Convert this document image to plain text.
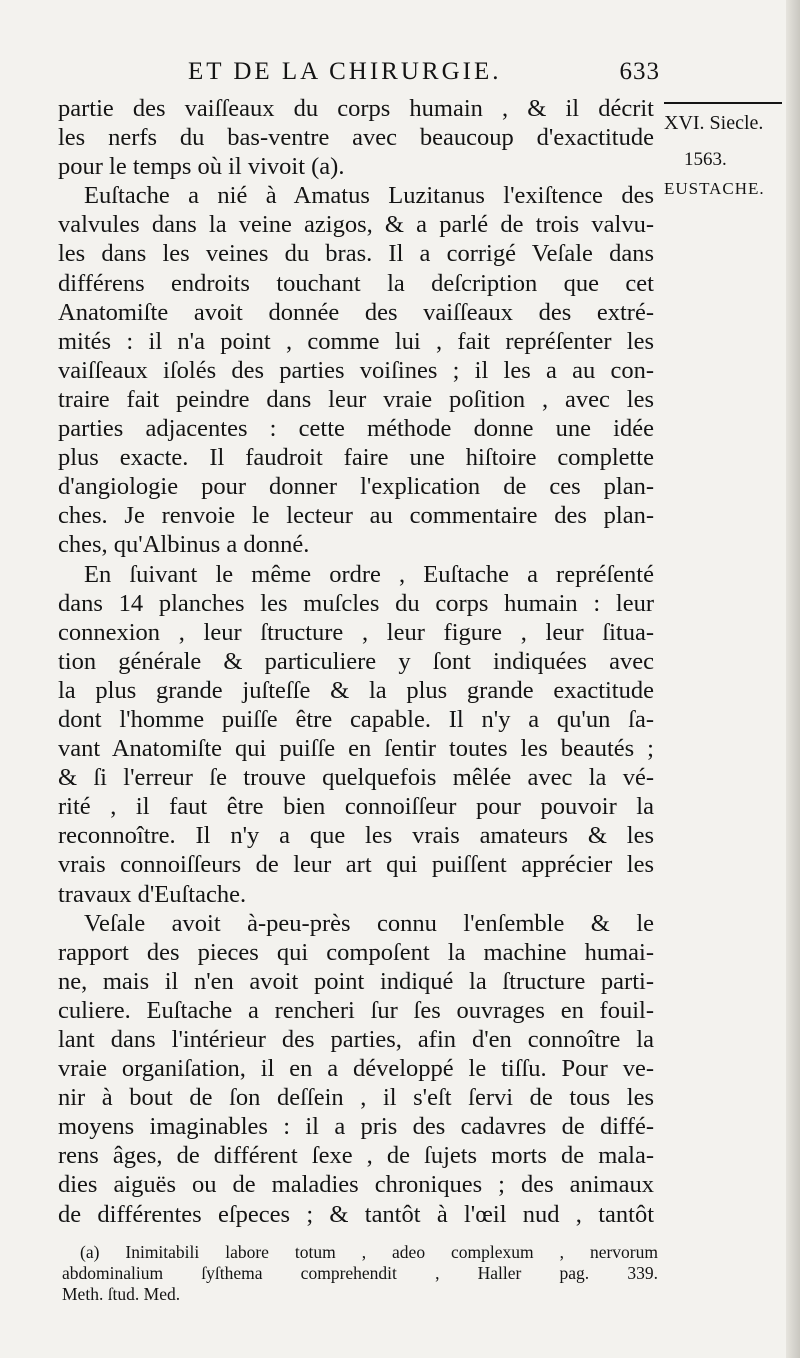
ET DE LA CHIRURGIE.	633
partie des vaiſſeaux du corps humain , & il décrit
les nerfs du bas-ventre avec beaucoup d'exactitude
pour le temps où il vivoit (a).
Euſtache a nié à Amatus Luzitanus l'exiſtence des
valvules dans la veine azigos, & a parlé de trois valvu-
les dans les veines du bras. Il a corrigé Veſale dans
différens endroits touchant la deſcription que cet
Anatomiſte avoit donnée des vaiſſeaux des extré-
mités : il n'a point , comme lui , fait repréſenter les
vaiſſeaux iſolés des parties voiſines ; il les a au con-
traire fait peindre dans leur vraie poſition , avec les
parties adjacentes : cette méthode donne une idée
plus exacte. Il faudroit faire une hiſtoire complette
d'angiologie pour donner l'explication de ces plan-
ches. Je renvoie le lecteur au commentaire des plan-
ches, qu'Albinus a donné.
En ſuivant le même ordre , Euſtache a repréſenté
dans 14 planches les muſcles du corps humain : leur
connexion , leur ſtructure , leur figure , leur ſitua-
tion générale & particuliere y ſont indiquées avec
la plus grande juſteſſe & la plus grande exactitude
dont l'homme puiſſe être capable. Il n'y a qu'un ſa-
vant Anatomiſte qui puiſſe en ſentir toutes les beautés ;
& ſi l'erreur ſe trouve quelquefois mêlée avec la vé-
rité , il faut être bien connoiſſeur pour pouvoir la
reconnoître. Il n'y a que les vrais amateurs & les
vrais connoiſſeurs de leur art qui puiſſent apprécier les
travaux d'Euſtache.
Veſale avoit à-peu-près connu l'enſemble & le
rapport des pieces qui compoſent la machine humai-
ne, mais il n'en avoit point indiqué la ſtructure parti-
culiere. Euſtache a rencheri ſur ſes ouvrages en fouil-
lant dans l'intérieur des parties, afin d'en connoître la
vraie organiſation, il en a développé le tiſſu. Pour ve-
nir à bout de ſon deſſein , il s'eſt ſervi de tous les
moyens imaginables : il a pris des cadavres de diffé-
rens âges, de différent ſexe , de ſujets morts de mala-
dies aiguës ou de maladies chroniques ; des animaux
de différentes eſpeces ; & tantôt à l'œil nud , tantôt
XVI. Siecle.
1563.
EUSTACHE.
(a) Inimitabili labore totum , adeo complexum , nervorum
abdominalium ſyſthema comprehendit , Haller pag. 339.
Meth. ſtud. Med.
